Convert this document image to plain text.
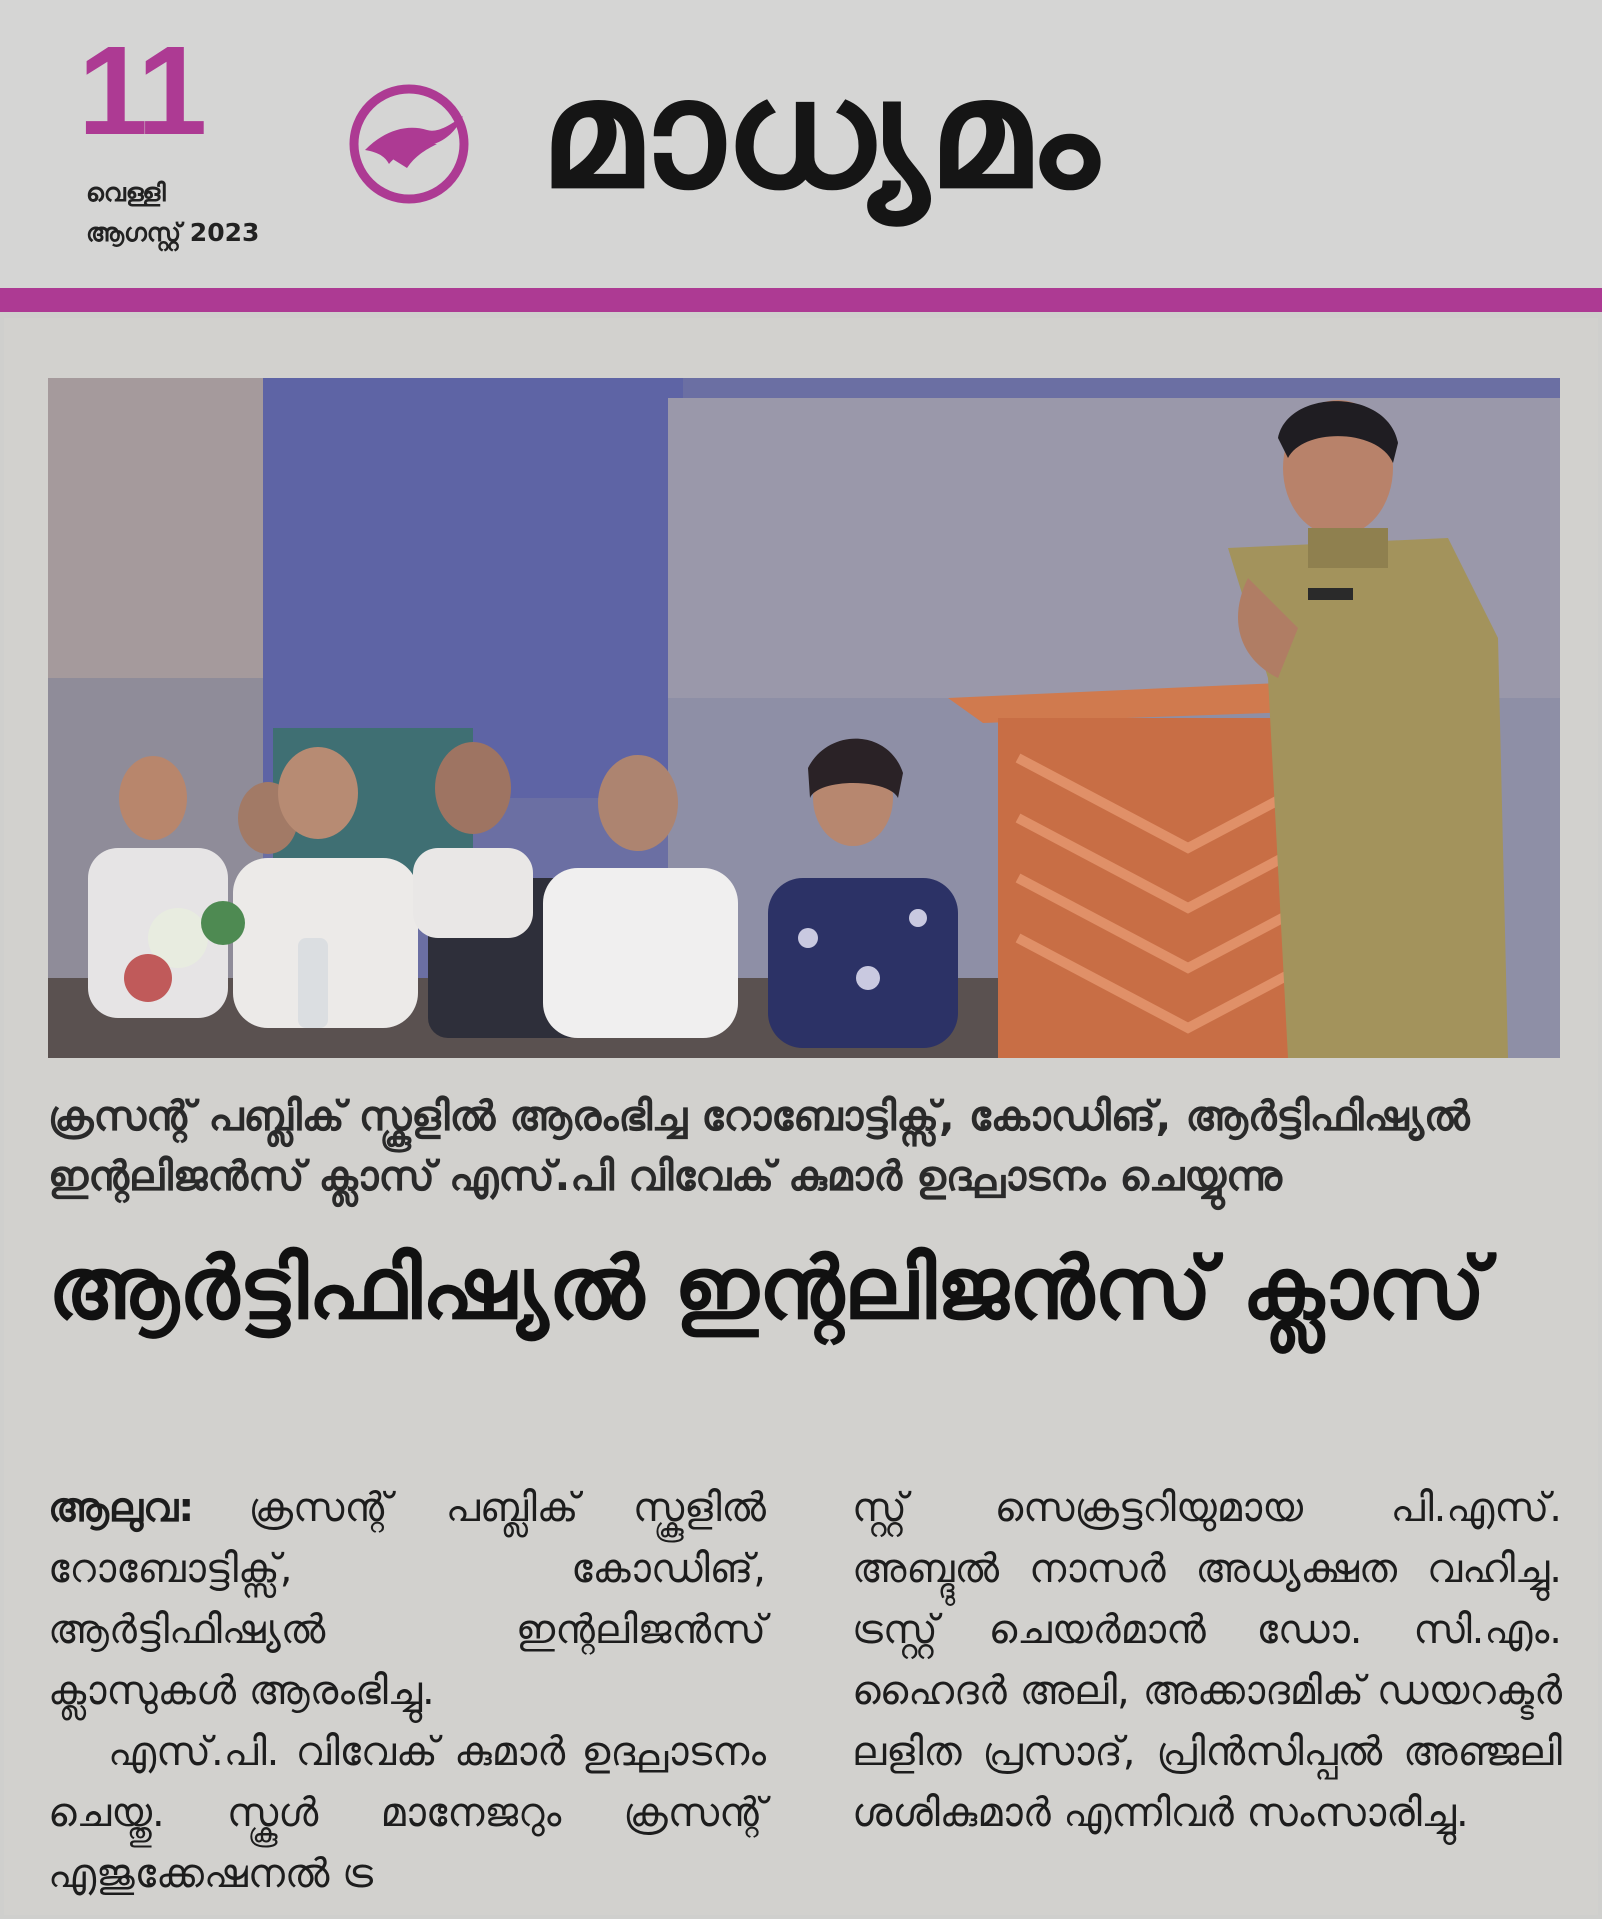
11
വെള്ളി
ആഗസ്റ്റ് 2023
മാധ്യമം
ക്രസന്റ് പബ്ലിക് സ്കൂളിൽ ആരംഭിച്ച റോബോട്ടിക്സ്, കോഡിങ്, ആർട്ടിഫിഷ്യൽ ഇന്റലിജൻസ് ക്ലാസ് എസ്.പി വിവേക് കുമാർ ഉദ്ഘാടനം ചെയ്യുന്നു
ആർട്ടിഫിഷ്യൽ ഇന്റലിജൻസ് ക്ലാസ്

ആലുവ: ക്രസന്റ് പബ്ലിക് സ്കൂളിൽ റോബോട്ടിക്സ്, കോഡിങ്, ആർട്ടിഫിഷ്യൽ ഇന്റലിജൻസ് ക്ലാസുകൾ ആരംഭിച്ചു.

എസ്.പി. വിവേക് കുമാർ ഉദ്ഘാടനം ചെയ്തു. സ്കൂൾ മാനേജറും ക്രസന്റ് എജുക്കേഷനൽ ട്ര

സ്റ്റ് സെക്രട്ടറിയുമായ പി.എസ്. അബ്ദുൽ നാസർ അധ്യക്ഷത വഹിച്ചു. ട്രസ്റ്റ് ചെയർമാൻ ഡോ. സി.എം. ഹൈദർ അലി, അക്കാദമിക് ഡയറക്ടർ ലളിത പ്രസാദ്, പ്രിൻസിപ്പൽ അഞ്ജലി ശശികുമാർ എന്നിവർ സംസാരിച്ചു.
